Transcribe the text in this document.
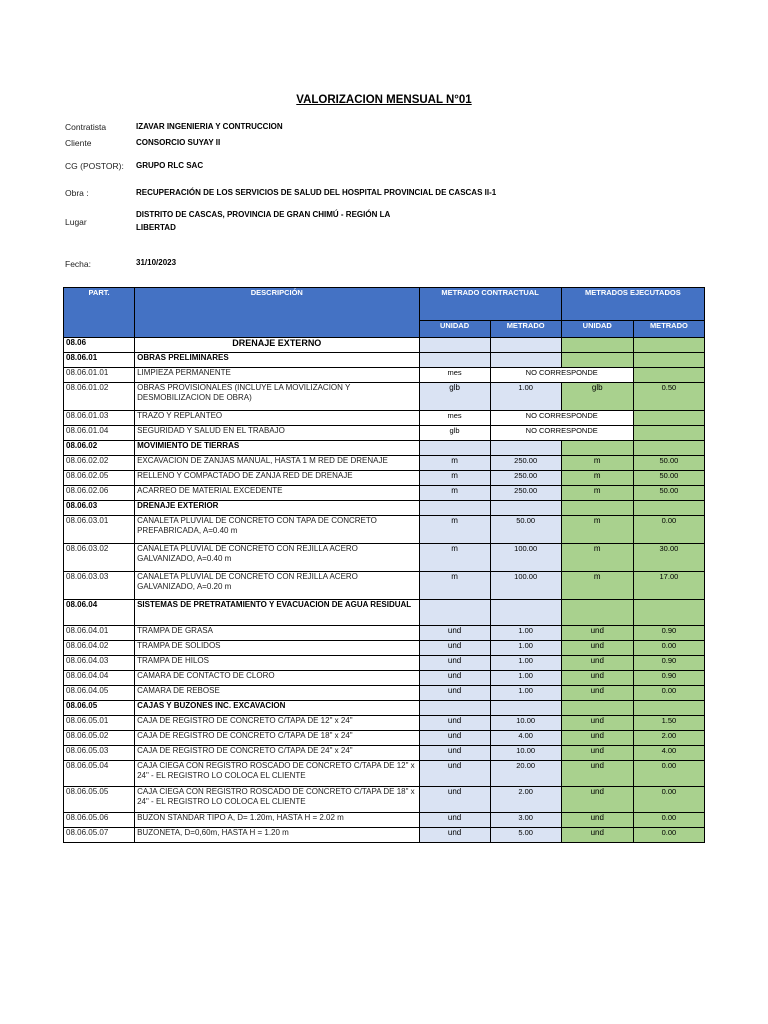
VALORIZACION MENSUAL N°01
Contratista	IZAVAR INGENIERIA Y CONTRUCCION
Cliente	CONSORCIO SUYAY II
CG (POSTOR): GRUPO RLC SAC
Obra :	RECUPERACIÓN DE LOS SERVICIOS DE SALUD DEL HOSPITAL PROVINCIAL DE CASCAS II-1
Lugar
DISTRITO DE CASCAS, PROVINCIA DE GRAN CHIMÚ - REGIÓN LA LIBERTAD
Fecha:	31/10/2023
PART.	DESCRIPCIÓN	METRADO CONTRACTUAL		METRADOS EJECUTADOS	
		UNIDAD	METRADO	UNIDAD	METRADO
08.06	DRENAJE EXTERNO				
08.06.01	OBRAS PRELIMINARES				
08.06.01.01	LIMPIEZA PERMANENTE	mes	NO CORRESPONDE		
08.06.01.02	OBRAS PROVISIONALES (INCLUYE LA MOVILIZACION Y DESMOBILIZACION DE OBRA)	glb	1.00	glb	0.50
08.06.01.03	TRAZO Y REPLANTEO	mes	NO CORRESPONDE		
08.06.01.04	SEGURIDAD Y SALUD EN EL TRABAJO	glb	NO CORRESPONDE		
08.06.02	MOVIMIENTO DE TIERRAS				
08.06.02.02	EXCAVACION DE ZANJAS MANUAL, HASTA 1 M RED DE DRENAJE	m	250.00	m	50.00
08.06.02.05	RELLENO Y COMPACTADO DE ZANJA RED DE DRENAJE	m	250.00	m	50.00
08.06.02.06	ACARREO DE MATERIAL EXCEDENTE	m	250.00	m	50.00
08.06.03	DRENAJE EXTERIOR				
08.06.03.01	CANALETA PLUVIAL DE CONCRETO CON TAPA DE CONCRETO PREFABRICADA, A=0.40 m	m	50.00	m	0.00
08.06.03.02	CANALETA PLUVIAL DE CONCRETO CON REJILLA ACERO GALVANIZADO, A=0.40 m	m	100.00	m	30.00
08.06.03.03	CANALETA PLUVIAL DE CONCRETO CON REJILLA ACERO GALVANIZADO, A=0.20 m	m	100.00	m	17.00
08.06.04	SISTEMAS DE PRETRATAMIENTO Y EVACUACION DE AGUA RESIDUAL				
08.06.04.01	TRAMPA DE GRASA	und	1.00	und	0.90
08.06.04.02	TRAMPA DE SOLIDOS	und	1.00	und	0.00
08.06.04.03	TRAMPA DE HILOS	und	1.00	und	0.90
08.06.04.04	CAMARA DE CONTACTO DE CLORO	und	1.00	und	0.90
08.06.04.05	CAMARA DE REBOSE	und	1.00	und	0.00
08.06.05	CAJAS Y BUZONES INC. EXCAVACION				
08.06.05.01	CAJA DE REGISTRO DE CONCRETO C/TAPA DE 12" x 24"	und	10.00	und	1.50
08.06.05.02	CAJA DE REGISTRO DE CONCRETO C/TAPA DE 18" x 24"	und	4.00	und	2.00
08.06.05.03	CAJA DE REGISTRO DE CONCRETO C/TAPA DE 24" x 24"	und	10.00	und	4.00
08.06.05.04	CAJA CIEGA CON REGISTRO ROSCADO DE CONCRETO C/TAPA DE 12" x 24" - EL REGISTRO LO COLOCA EL CLIENTE	und	20.00	und	0.00
08.06.05.05	CAJA CIEGA CON REGISTRO ROSCADO DE CONCRETO C/TAPA DE 18" x 24" - EL REGISTRO LO COLOCA EL CLIENTE	und	2.00	und	0.00
08.06.05.06	BUZON STANDAR TIPO A, D= 1.20m, HASTA H = 2.02 m	und	3.00	und	0.00
08.06.05.07	BUZONETA, D=0,60m, HASTA H = 1.20 m	und	5.00	und	0.00
